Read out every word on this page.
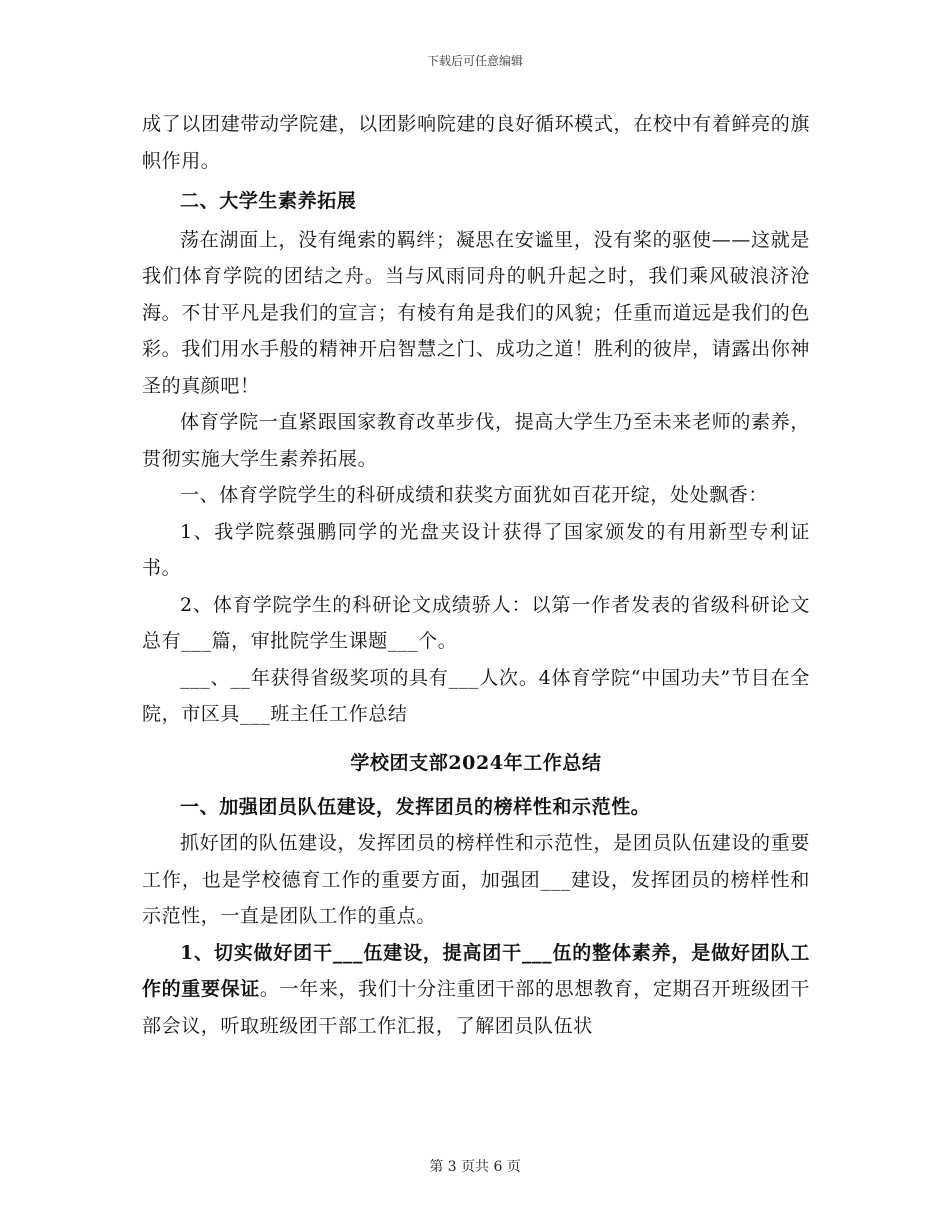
下载后可任意编辑

成了以团建带动学院建，以团影响院建的良好循环模式，在校中有着鲜亮的旗帜作用。

二、大学生素养拓展

荡在湖面上，没有绳索的羁绊；凝思在安谧里，没有桨的驱使——这就是我们体育学院的团结之舟。当与风雨同舟的帆升起之时，我们乘风破浪济沧海。不甘平凡是我们的宣言；有棱有角是我们的风貌；任重而道远是我们的色彩。我们用水手般的精神开启智慧之门、成功之道！胜利的彼岸，请露出你神圣的真颜吧！

体育学院一直紧跟国家教育改革步伐，提高大学生乃至未来老师的素养，贯彻实施大学生素养拓展。

一、体育学院学生的科研成绩和获奖方面犹如百花开绽，处处飘香：

1、我学院蔡强鹏同学的光盘夹设计获得了国家颁发的有用新型专利证书。

2、体育学院学生的科研论文成绩骄人：以第一作者发表的省级科研论文总有___篇，审批院学生课题___个。

___、__年获得省级奖项的具有___人次。4体育学院“中国功夫”节目在全院，市区具___班主任工作总结

学校团支部2024年工作总结

一、加强团员队伍建设，发挥团员的榜样性和示范性。

抓好团的队伍建设，发挥团员的榜样性和示范性，是团员队伍建设的重要工作，也是学校德育工作的重要方面，加强团___建设，发挥团员的榜样性和示范性，一直是团队工作的重点。

1、切实做好团干___伍建设，提高团干___伍的整体素养，是做好团队工作的重要保证。一年来，我们十分注重团干部的思想教育，定期召开班级团干部会议，听取班级团干部工作汇报，了解团员队伍状

第 3 页共 6 页
